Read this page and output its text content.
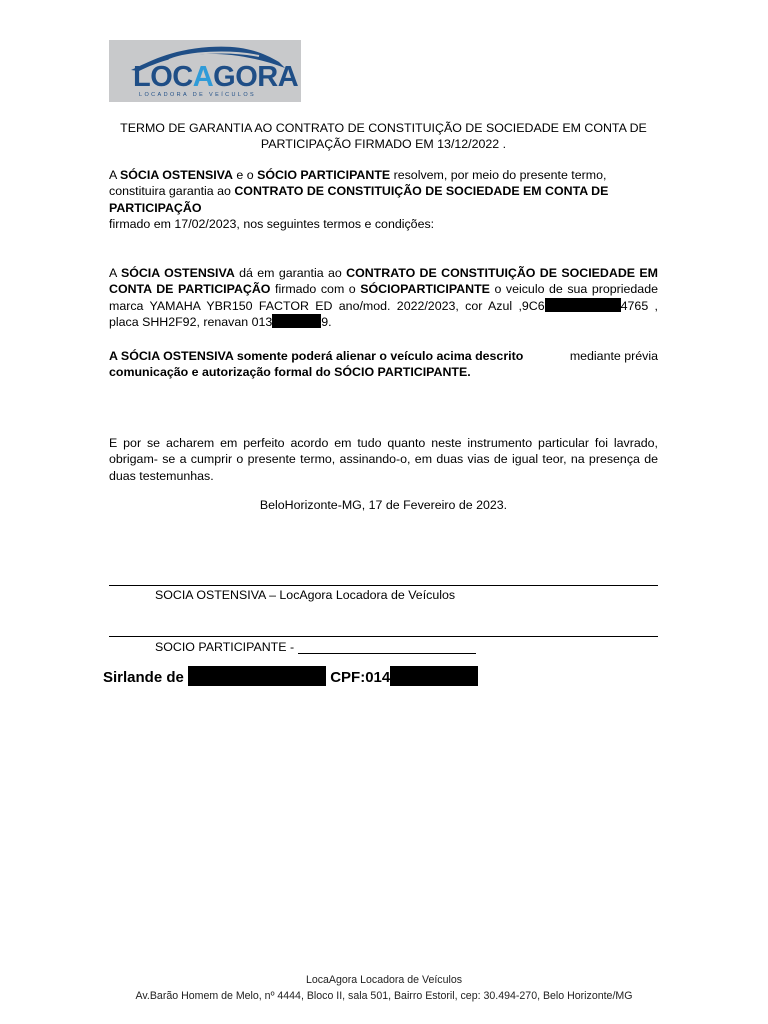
LOCAGORA
LOCADORA DE VEÍCULOS
TERMO DE GARANTIA AO CONTRATO DE CONSTITUIÇÃO DE SOCIEDADE EM CONTA DE
PARTICIPAÇÃO FIRMADO EM 13/12/2022 .
A SÓCIA OSTENSIVA e o SÓCIO PARTICIPANTE resolvem, por meio do presente termo, constituira garantia ao CONTRATO DE CONSTITUIÇÃO DE SOCIEDADE EM CONTA DE PARTICIPAÇÃO
firmado em 17/02/2023, nos seguintes termos e condições:
A SÓCIA OSTENSIVA dá em garantia ao CONTRATO DE CONSTITUIÇÃO DE SOCIEDADE EM CONTA DE PARTICIPAÇÃO firmado com o SÓCIOPARTICIPANTE o veiculo de sua propriedade marca YAMAHA YBR150 FACTOR ED ano/mod. 2022/2023, cor Azul ,9C6	4765 , placa SHH2F92, renavan 013	9.
A SÓCIA OSTENSIVA somente poderá alienar o veículo acima descrito	mediante prévia
comunicação e autorização formal do SÓCIO PARTICIPANTE.
E por se acharem em perfeito acordo em tudo quanto neste instrumento particular foi lavrado, obrigam- se a cumprir o presente termo, assinando-o, em duas vias de igual teor, na presença de duas testemunhas.
BeloHorizonte-MG, 17 de Fevereiro de 2023.
SOCIA OSTENSIVA – LocAgora Locadora de Veículos
SOCIO PARTICIPANTE -
Sirlande de	CPF:014
LocaAgora Locadora de Veículos
Av.Barão Homem de Melo, nº 4444, Bloco II, sala 501, Bairro Estoril, cep: 30.494-270, Belo Horizonte/MG
